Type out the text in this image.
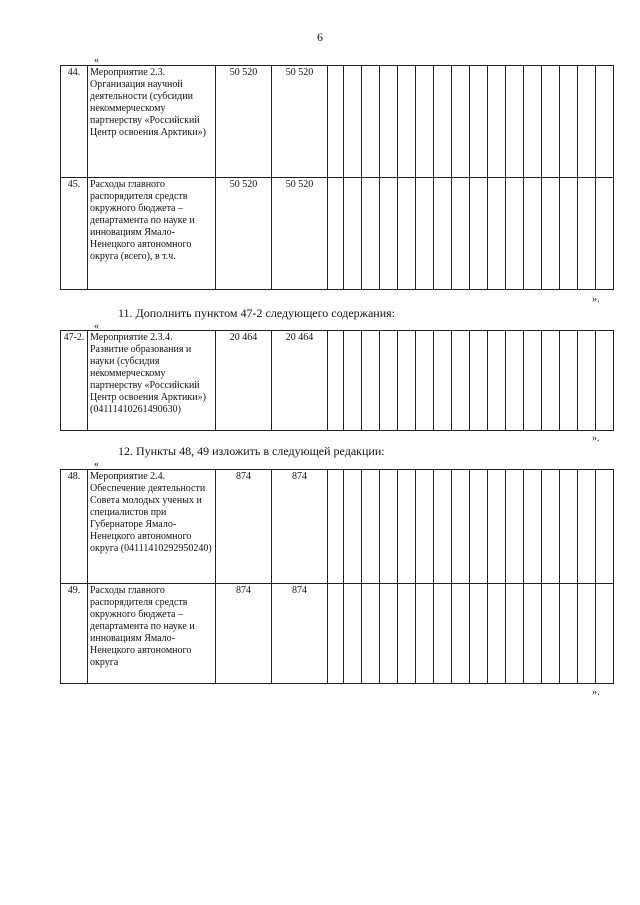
6
«
44.	Мероприятие 2.3. Организация научной деятельности (субсидии некоммерческому партнерству «Российский Центр освоения Арктики»)	50 520	50 520																
45.	Расходы главного распорядителя средств окружного бюджета – департамента по науке и инновациям Ямало-Ненецкого автономного округа (всего), в т.ч.	50 520	50 520																
».
11. Дополнить пунктом 47-2 следующего содержания:
«
47-2.	Мероприятие 2.3.4. Развитие образования и науки (субсидия некоммерческому партнерству «Российский Центр освоения Арктики») (04111410261490630)	20 464	20 464																
».
12. Пункты 48, 49 изложить в следующей редакции:
«
48.	Мероприятие 2.4. Обеспечение деятельности Совета молодых ученых и специалистов при Губернаторе Ямало-Ненецкого автономного округа (04111410292950240)	874	874																
49.	Расходы главного распорядителя средств окружного бюджета – департамента по науке и инновациям Ямало-Ненецкого автономного округа	874	874																
».
